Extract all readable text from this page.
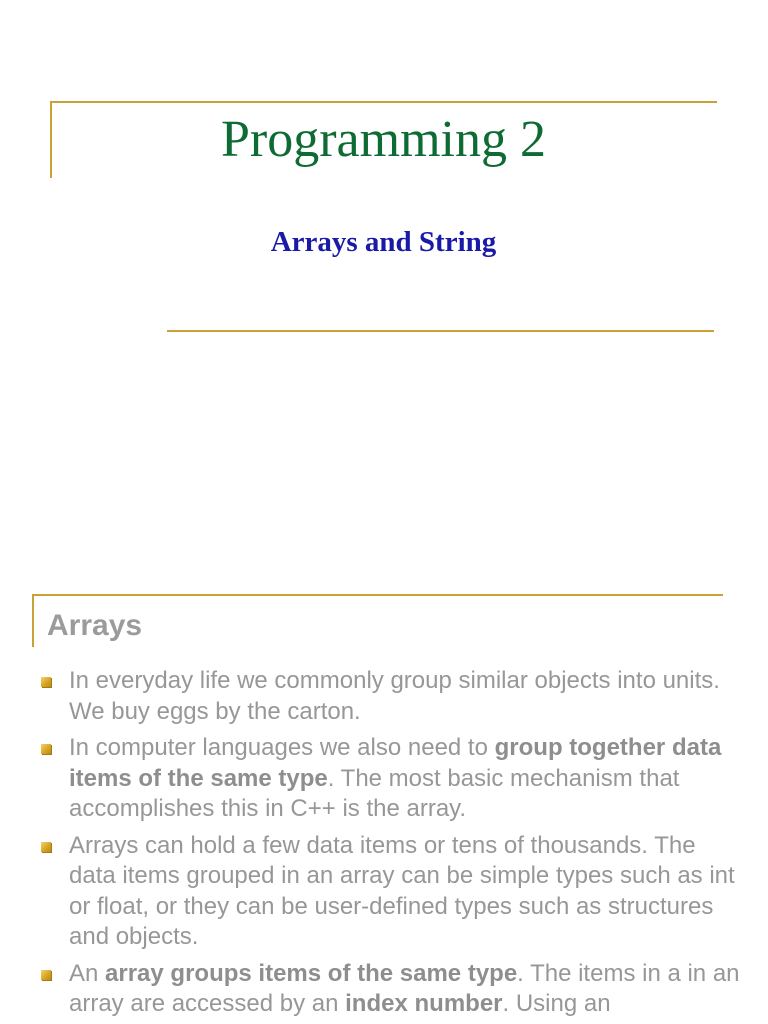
Programming 2
Arrays and String
Arrays
In everyday life we commonly group similar objects into units. We buy eggs by the carton.
In computer languages we also need to group together data items of the same type. The most basic mechanism that accomplishes this in C++ is the array.
Arrays can hold a few data items or tens of thousands. The data items grouped in an array can be simple types such as int or float, or they can be user-defined types such as structures and objects.
An array groups items of the same type. The items in a in an array are accessed by an index number. Using an
